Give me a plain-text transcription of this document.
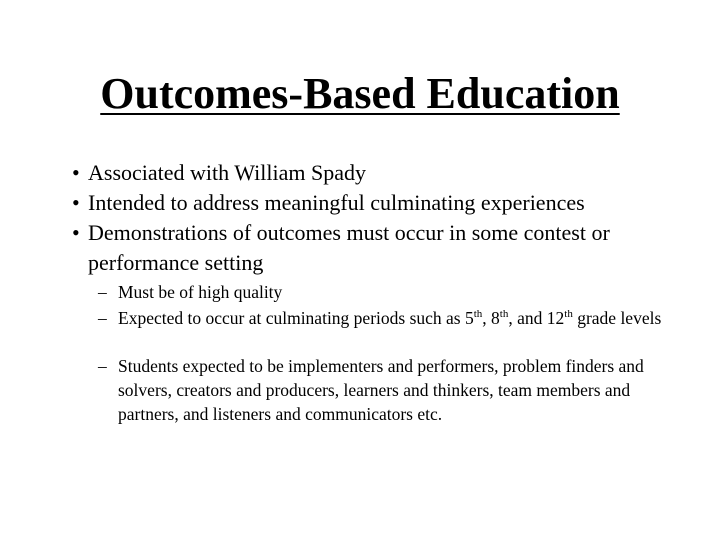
Outcomes-Based Education
• Associated with William Spady
• Intended to address meaningful culminating experiences
• Demonstrations of outcomes must occur in some contest or performance setting
– Must be of high quality
– Expected to occur at culminating periods such as 5th, 8th, and 12th grade levels
– Students expected to be implementers and performers, problem finders and solvers, creators and producers, learners and thinkers, team members and partners, and listeners and communicators etc.
